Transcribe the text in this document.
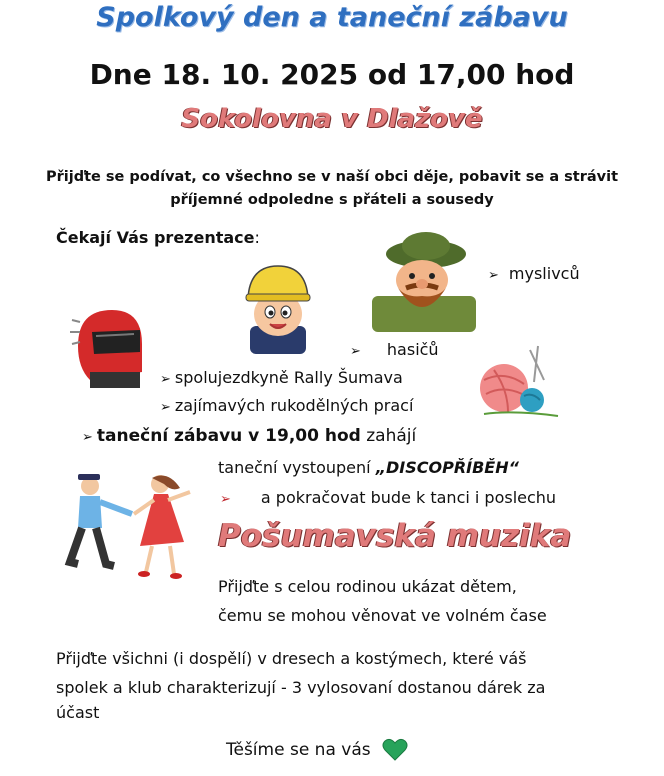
Spolkový den a taneční zábavu
Dne 18. 10. 2025 od 17,00 hod
Sokolovna v Dlažově
Přijďte se podívat, co všechno se v naší obci děje, pobavit se a strávit příjemné odpoledne s přáteli a sousedy
Čekají Vás prezentace:
➢ myslivců
➢ hasičů
➢ spolujezdkyně Rally Šumava
➢ zajímavých rukodělných prací
➢ taneční zábavu v 19,00 hod zahájí
taneční vystoupení „DISCOPŘÍBĚH“
➢ a pokračovat bude k tanci i poslechu
Pošumavská muzika
Přijďte s celou rodinou ukázat dětem,
čemu se mohou věnovat ve volném čase
Přijďte všichni (i dospělí) v dresech a kostýmech, které váš
spolek a klub charakterizují - 3 vylosovaní dostanou dárek za
účast
Těšíme se na vás
